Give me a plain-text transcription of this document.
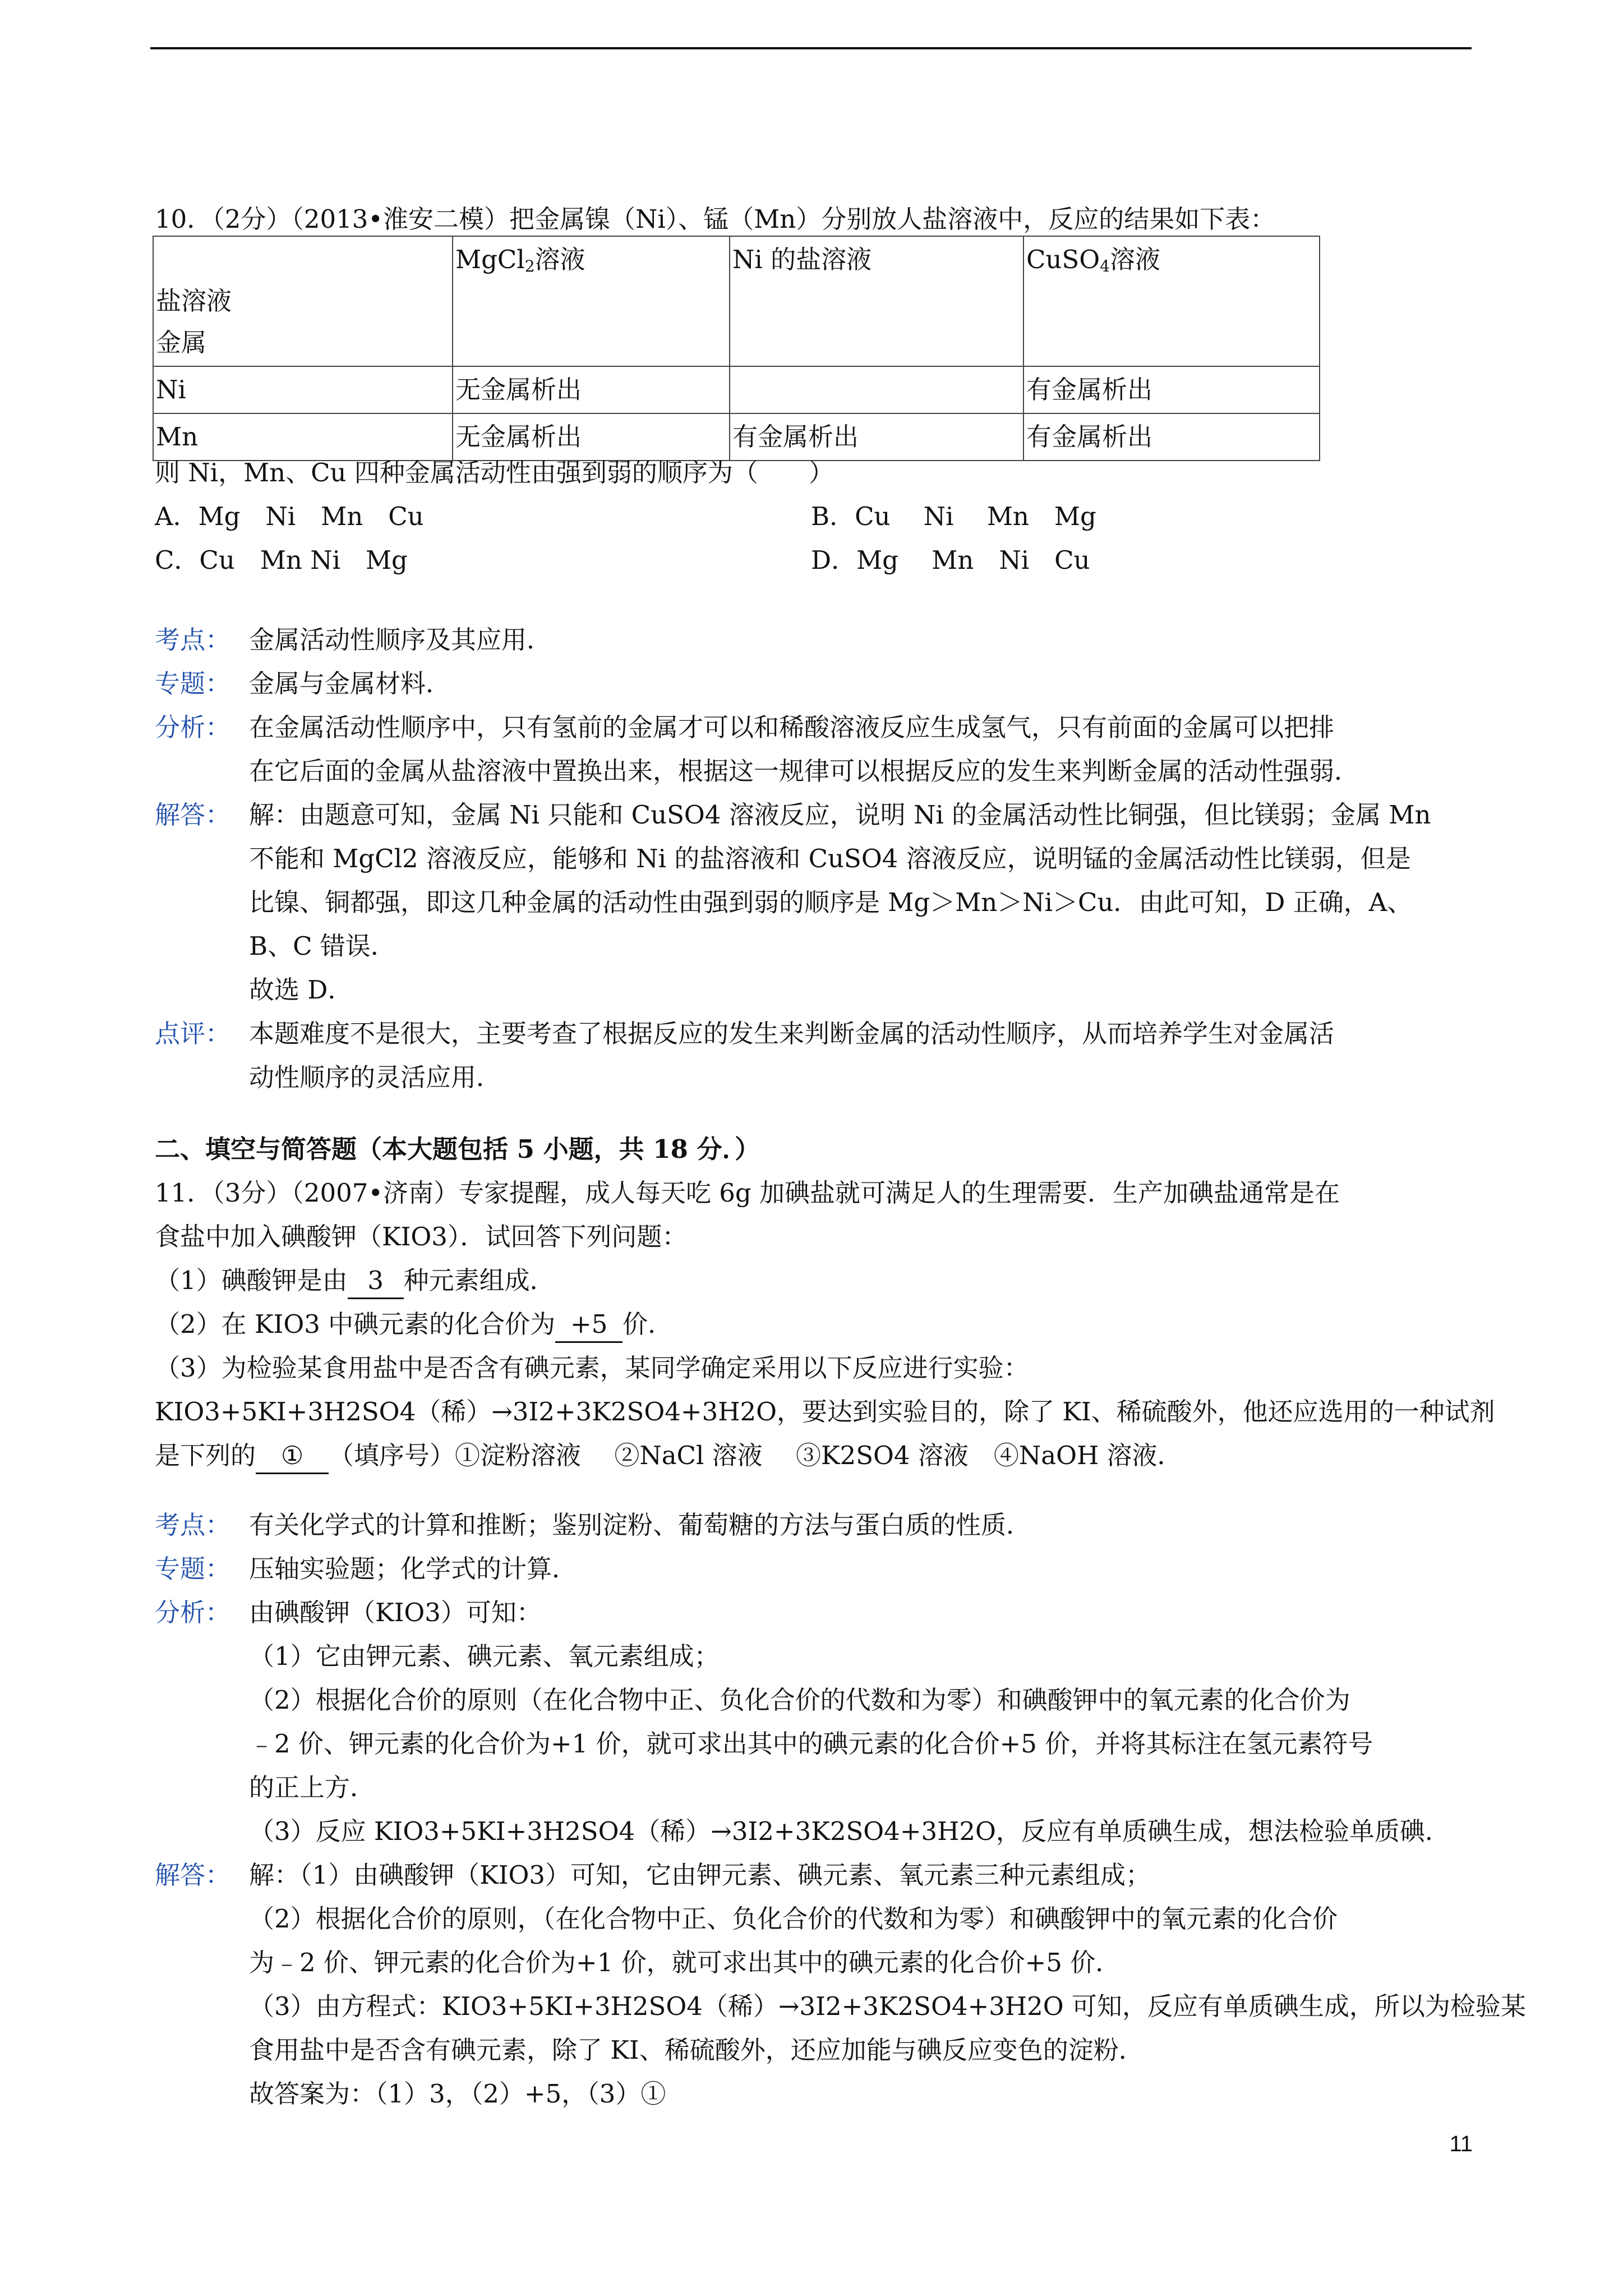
10．（2分）（2013•淮安二模）把金属镍（Ni）、锰（Mn）分别放人盐溶液中，反应的结果如下表：
盐溶液
金属	MgCl$_2$溶液	Ni 的盐溶液	CuSO$_4$溶液
Ni	无金属析出		有金属析出
Mn	无金属析出	有金属析出	有金属析出
则 Ni，Mn、Cu 四种金属活动性由强到弱的顺序为（　　）
A．Mg　Ni　Mn　Cu	B．Cu　 Ni　 Mn　Mg
C．Cu　Mn Ni　Mg	D．Mg　 Mn　Ni　Cu
考点： 金属活动性顺序及其应用．
专题： 金属与金属材料．
分析： 在金属活动性顺序中，只有氢前的金属才可以和稀酸溶液反应生成氢气，只有前面的金属可以把排
在它后面的金属从盐溶液中置换出来，根据这一规律可以根据反应的发生来判断金属的活动性强弱．
解答： 解：由题意可知，金属 Ni 只能和 CuSO4 溶液反应，说明 Ni 的金属活动性比铜强，但比镁弱；金属 Mn
不能和 MgCl2 溶液反应，能够和 Ni 的盐溶液和 CuSO4 溶液反应，说明锰的金属活动性比镁弱，但是
比镍、铜都强，即这几种金属的活动性由强到弱的顺序是 Mg＞Mn＞Ni＞Cu．由此可知，D 正确，A、
B、C 错误．
故选 D．
点评： 本题难度不是很大，主要考查了根据反应的发生来判断金属的活动性顺序，从而培养学生对金属活
动性顺序的灵活应用．
二、填空与简答题（本大题包括 5 小题，共 18 分．）
11．（3分）（2007•济南）专家提醒，成人每天吃 6g 加碘盐就可满足人的生理需要．生产加碘盐通常是在
食盐中加入碘酸钾（KIO3）．试回答下列问题：
（1）碘酸钾是由 3 种元素组成．
（2）在 KIO3 中碘元素的化合价为 +5 价．
（3）为检验某食用盐中是否含有碘元素，某同学确定采用以下反应进行实验：
KIO3+5KI+3H2SO4（稀）→3I2+3K2SO4+3H2O，要达到实验目的，除了 KI、稀硫酸外，他还应选用的一种试剂
是下列的 ① （填序号）①淀粉溶液　 ②NaCl 溶液　 ③K2SO4 溶液　④NaOH 溶液．
考点： 有关化学式的计算和推断；鉴别淀粉、葡萄糖的方法与蛋白质的性质．
专题： 压轴实验题；化学式的计算．
分析： 由碘酸钾（KIO3）可知：
（1）它由钾元素、碘元素、氧元素组成；
（2）根据化合价的原则（在化合物中正、负化合价的代数和为零）和碘酸钾中的氧元素的化合价为
﹣2 价、钾元素的化合价为+1 价，就可求出其中的碘元素的化合价+5 价，并将其标注在氢元素符号
的正上方．
（3）反应 KIO3+5KI+3H2SO4（稀）→3I2+3K2SO4+3H2O，反应有单质碘生成，想法检验单质碘．
解答： 解：（1）由碘酸钾（KIO3）可知，它由钾元素、碘元素、氧元素三种元素组成；
（2）根据化合价的原则，（在化合物中正、负化合价的代数和为零）和碘酸钾中的氧元素的化合价
为﹣2 价、钾元素的化合价为+1 价，就可求出其中的碘元素的化合价+5 价．
（3）由方程式：KIO3+5KI+3H2SO4（稀）→3I2+3K2SO4+3H2O 可知，反应有单质碘生成，所以为检验某
食用盐中是否含有碘元素，除了 KI、稀硫酸外，还应加能与碘反应变色的淀粉．
故答案为：（1）3，（2）+5，（3）①
11
